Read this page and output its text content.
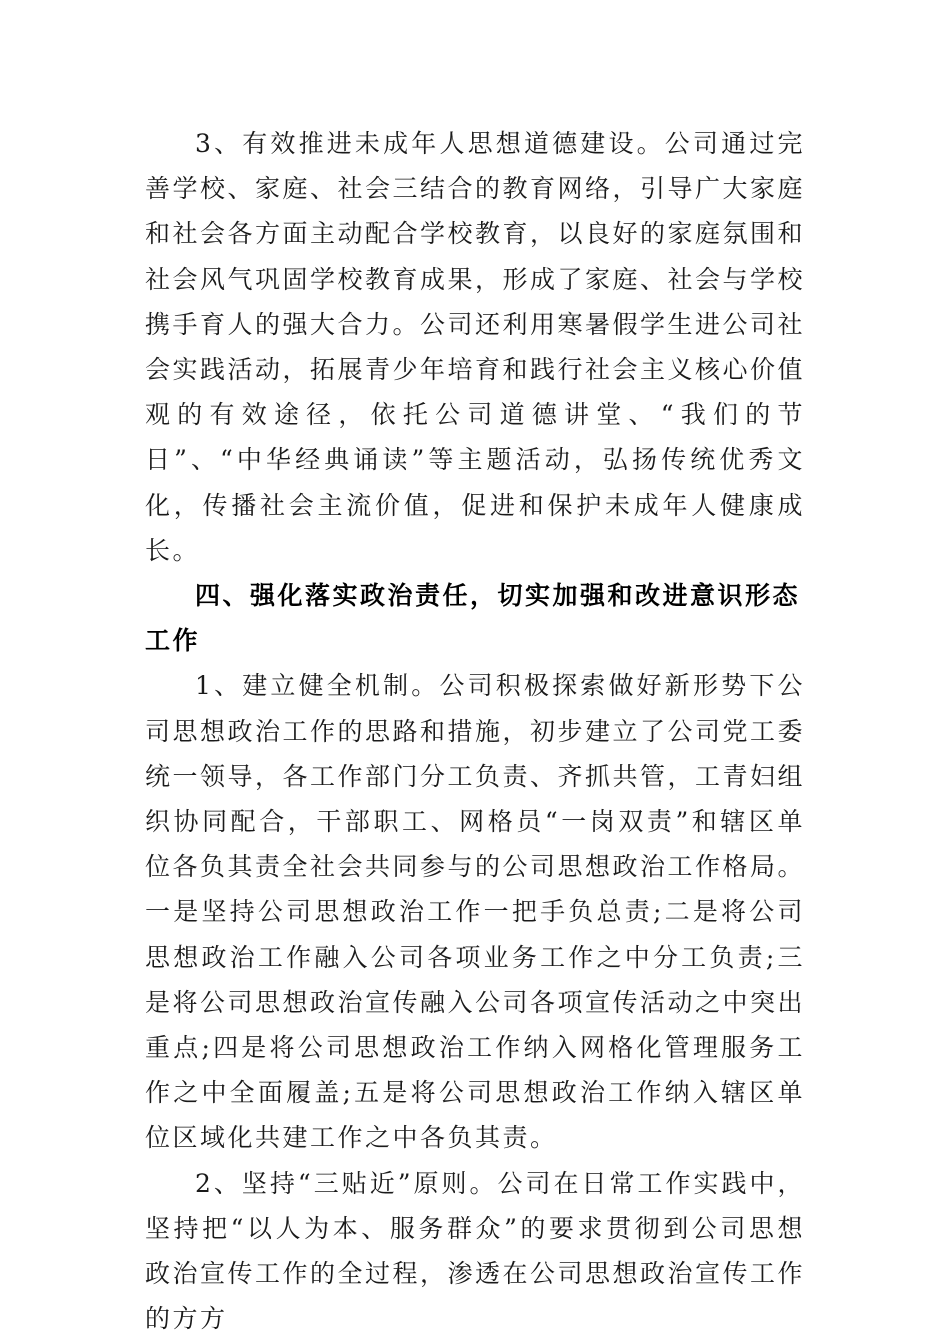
3、有效推进未成年人思想道德建设。公司通过完善学校、家庭、社会三结合的教育网络，引导广大家庭和社会各方面主动配合学校教育，以良好的家庭氛围和社会风气巩固学校教育成果，形成了家庭、社会与学校携手育人的强大合力。公司还利用寒暑假学生进公司社会实践活动，拓展青少年培育和践行社会主义核心价值观的有效途径，依托公司道德讲堂、“我们的节日”、“中华经典诵读”等主题活动，弘扬传统优秀文化，传播社会主流价值，促进和保护未成年人健康成长。

四、强化落实政治责任，切实加强和改进意识形态工作

1、建立健全机制。公司积极探索做好新形势下公司思想政治工作的思路和措施，初步建立了公司党工委统一领导，各工作部门分工负责、齐抓共管，工青妇组织协同配合，干部职工、网格员“一岗双责”和辖区单位各负其责全社会共同参与的公司思想政治工作格局。一是坚持公司思想政治工作一把手负总责;二是将公司思想政治工作融入公司各项业务工作之中分工负责;三是将公司思想政治宣传融入公司各项宣传活动之中突出重点;四是将公司思想政治工作纳入网格化管理服务工作之中全面履盖;五是将公司思想政治工作纳入辖区单位区域化共建工作之中各负其责。

2、坚持“三贴近”原则。公司在日常工作实践中，坚持把“以人为本、服务群众”的要求贯彻到公司思想政治宣传工作的全过程，渗透在公司思想政治宣传工作的方方
